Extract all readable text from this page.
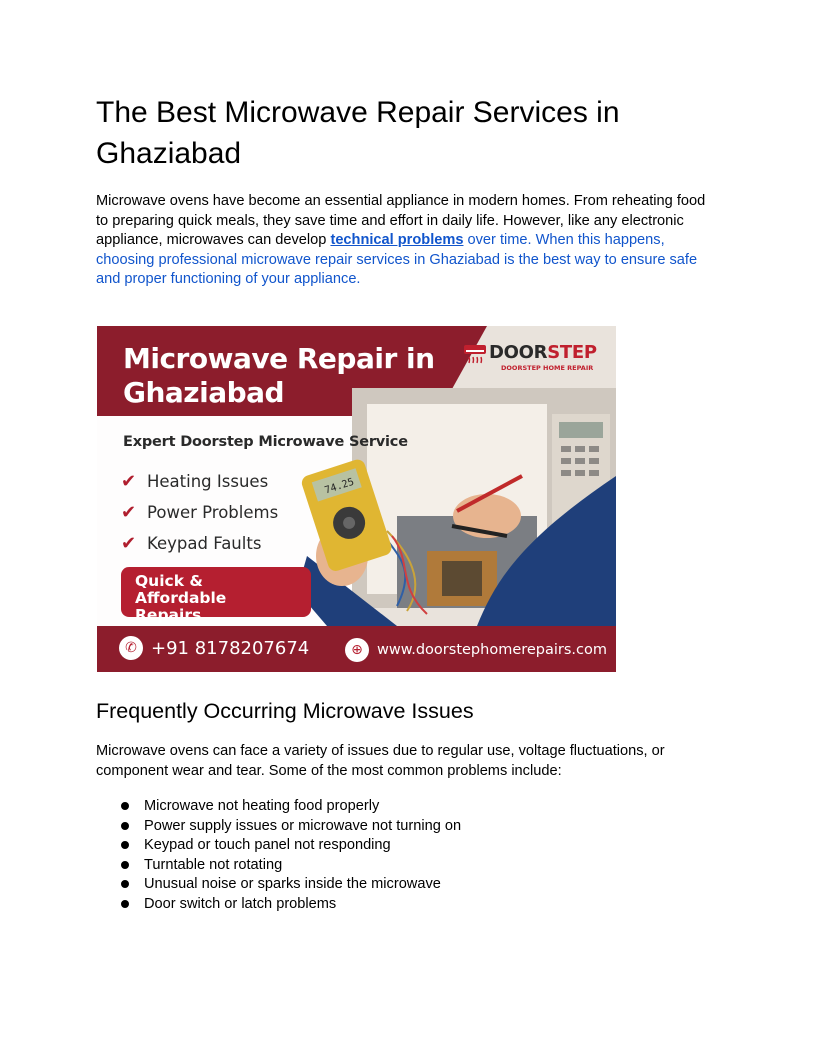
The Best Microwave Repair Services in Ghaziabad

Microwave ovens have become an essential appliance in modern homes. From reheating food to preparing quick meals, they save time and effort in daily life. However, like any electronic appliance, microwaves can develop technical problems over time. When this happens, choosing professional microwave repair services in Ghaziabad is the best way to ensure safe and proper functioning of your appliance.

74.25
Microwave Repair in Ghaziabad
DOORSTEP
DOORSTEP HOME REPAIR
Expert Doorstep Microwave Service
✔ Heating Issues
✔ Power Problems
✔ Keypad Faults
Quick & Affordable Repairs
✆ +91 8178207674	⊕ www.doorstephomerepairs.com
Frequently Occurring Microwave Issues

Microwave ovens can face a variety of issues due to regular use, voltage fluctuations, or component wear and tear. Some of the most common problems include:

Microwave not heating food properly
Power supply issues or microwave not turning on
Keypad or touch panel not responding
Turntable not rotating
Unusual noise or sparks inside the microwave
Door switch or latch problems
